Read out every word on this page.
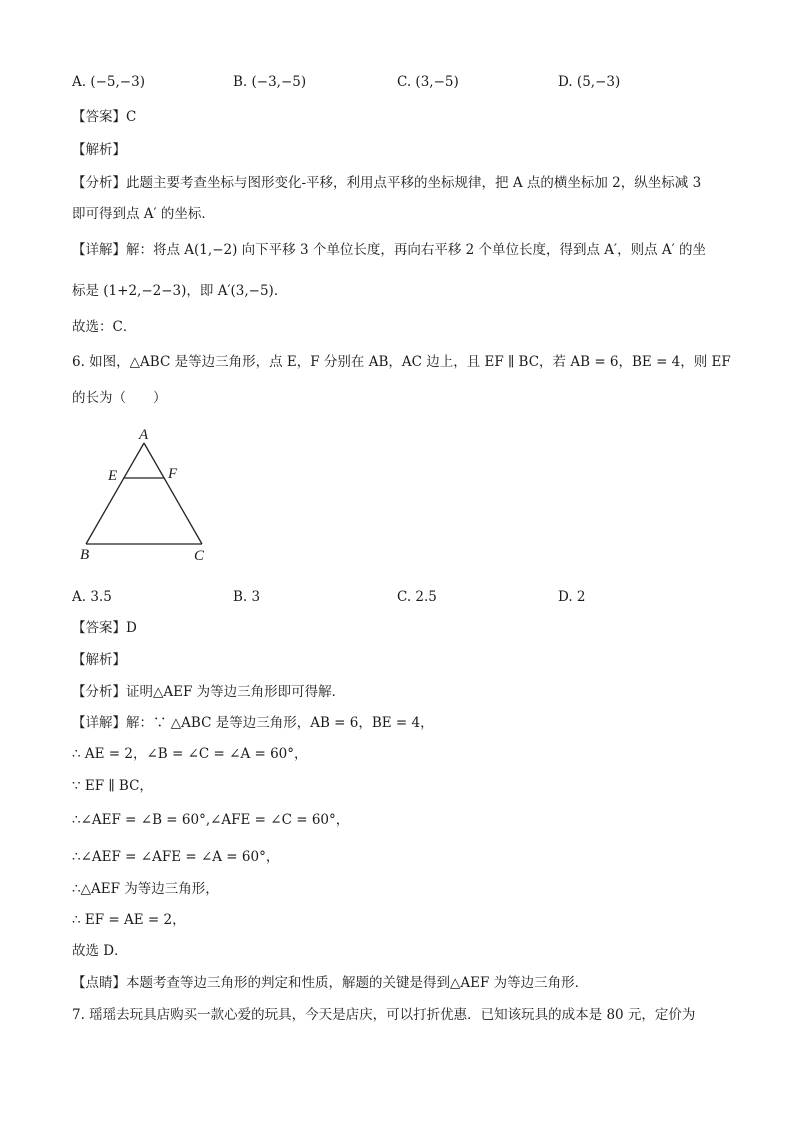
A. (−5,−3)	B. (−3,−5)	C. (3,−5)	D. (5,−3)
【答案】C
【解析】
【分析】此题主要考查坐标与图形变化-平移，利用点平移的坐标规律，把 A 点的横坐标加 2，纵坐标减 3
即可得到点 A′ 的坐标．
【详解】解：将点 A(1,−2) 向下平移 3 个单位长度，再向右平移 2 个单位长度，得到点 A′，则点 A′ 的坐
标是 (1+2,−2−3)，即 A′(3,−5)．
故选：C．
6. 如图，△ABC 是等边三角形，点 E，F 分别在 AB，AC 边上，且 EF ∥ BC，若 AB = 6，BE = 4，则 EF
的长为（　　）
A
E	F
B	C
A. 3.5	B. 3	C. 2.5	D. 2
【答案】D
【解析】
【分析】证明△AEF 为等边三角形即可得解．
【详解】解：∵ △ABC 是等边三角形，AB = 6，BE = 4，
∴ AE = 2，∠B = ∠C = ∠A = 60°，
∵ EF ∥ BC，
∴∠AEF = ∠B = 60°,∠AFE = ∠C = 60°，
∴∠AEF = ∠AFE = ∠A = 60°，
∴△AEF 为等边三角形，
∴ EF = AE = 2，
故选 D．
【点睛】本题考查等边三角形的判定和性质，解题的关键是得到△AEF 为等边三角形．
7. 瑶瑶去玩具店购买一款心爱的玩具，今天是店庆，可以打折优惠．已知该玩具的成本是 80 元，定价为
